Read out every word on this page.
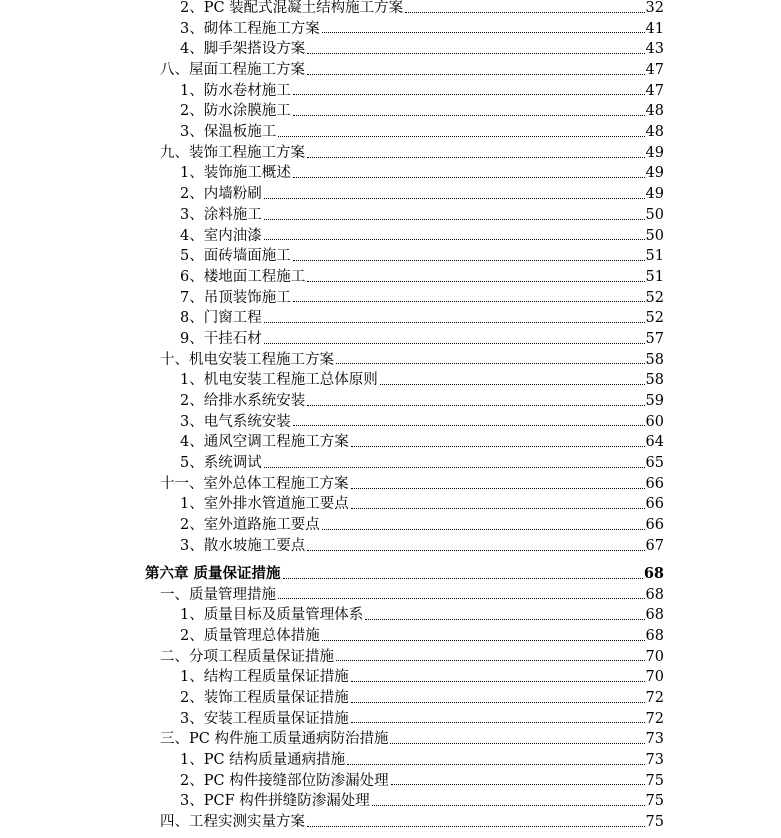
2、PC 装配式混凝土结构施工方案	32
3、砌体工程施工方案	41
4、脚手架搭设方案	43
八、屋面工程施工方案	47
1、防水卷材施工	47
2、防水涂膜施工	48
3、保温板施工	48
九、装饰工程施工方案	49
1、装饰施工概述	49
2、内墙粉刷	49
3、涂料施工	50
4、室内油漆	50
5、面砖墙面施工	51
6、楼地面工程施工	51
7、吊顶装饰施工	52
8、门窗工程	52
9、干挂石材	57
十、机电安装工程施工方案	58
1、机电安装工程施工总体原则	58
2、给排水系统安装	59
3、电气系统安装	60
4、通风空调工程施工方案	64
5、系统调试	65
十一、室外总体工程施工方案	66
1、室外排水管道施工要点	66
2、室外道路施工要点	66
3、散水坡施工要点	67
第六章 质量保证措施	68
一、质量管理措施	68
1、质量目标及质量管理体系	68
2、质量管理总体措施	68
二、分项工程质量保证措施	70
1、结构工程质量保证措施	70
2、装饰工程质量保证措施	72
3、安装工程质量保证措施	72
三、PC 构件施工质量通病防治措施	73
1、PC 结构质量通病措施	73
2、PC 构件接缝部位防渗漏处理	75
3、PCF 构件拼缝防渗漏处理	75
四、工程实测实量方案	75
